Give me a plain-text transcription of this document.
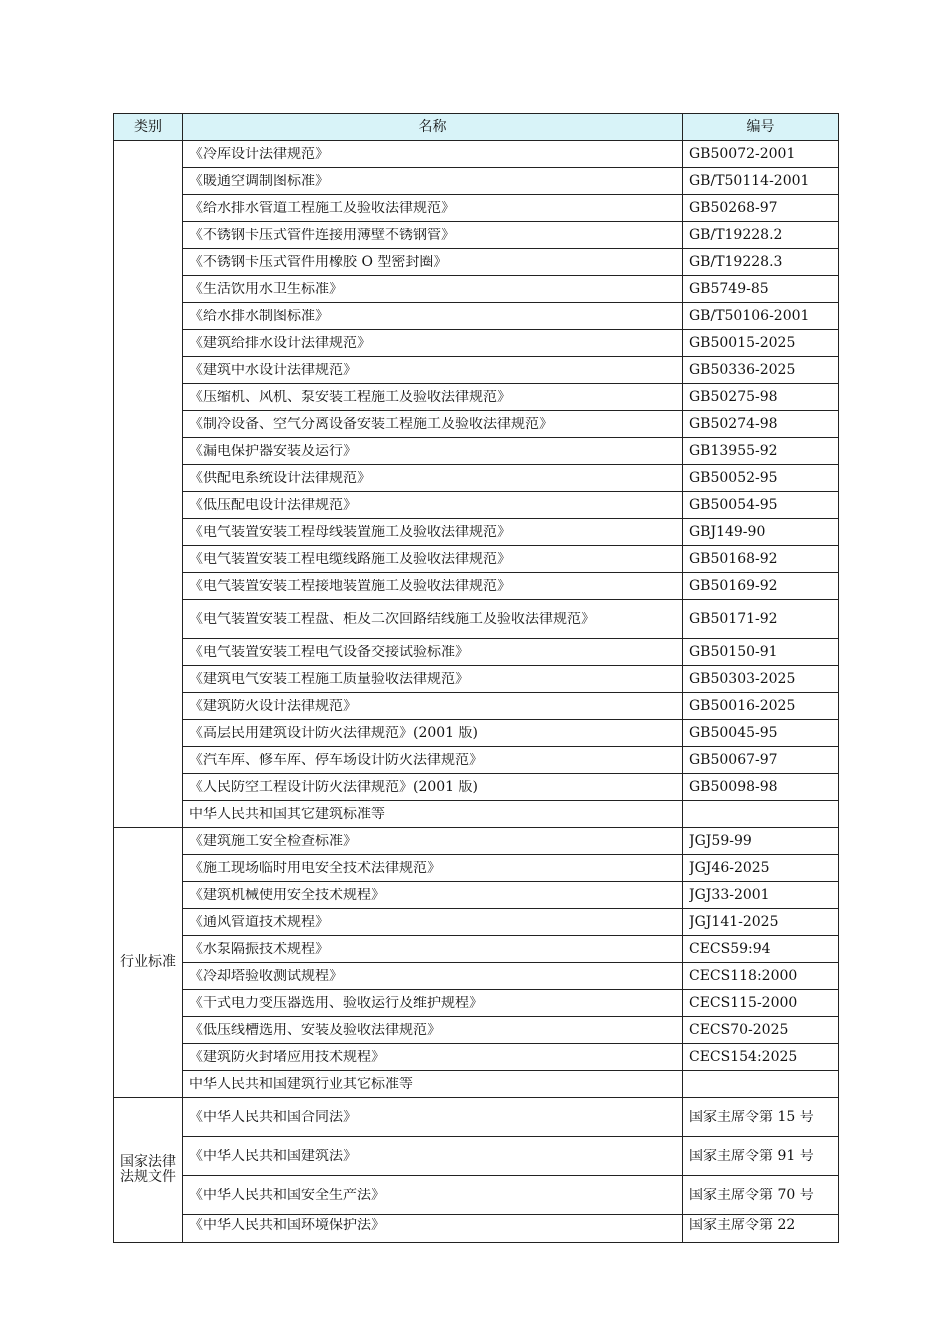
类别	名称	编号

	《冷库设计法律规范》	GB50072-2001

	《暖通空调制图标准》	GB/T50114-2001

	《给水排水管道工程施工及验收法律规范》	GB50268-97

	《不锈钢卡压式管件连接用薄壁不锈钢管》	GB/T19228.2

	《不锈钢卡压式管件用橡胶 O 型密封圈》	GB/T19228.3

	《生活饮用水卫生标准》	GB5749-85

	《给水排水制图标准》	GB/T50106-2001

	《建筑给排水设计法律规范》	GB50015-2025

	《建筑中水设计法律规范》	GB50336-2025

	《压缩机、风机、泵安装工程施工及验收法律规范》	GB50275-98

	《制冷设备、空气分离设备安装工程施工及验收法律规范》	GB50274-98

	《漏电保护器安装及运行》	GB13955-92

	《供配电系统设计法律规范》	GB50052-95

	《低压配电设计法律规范》	GB50054-95

	《电气装置安装工程母线装置施工及验收法律规范》	GBJ149-90

	《电气装置安装工程电缆线路施工及验收法律规范》	GB50168-92

	《电气装置安装工程接地装置施工及验收法律规范》	GB50169-92

	《电气装置安装工程盘、柜及二次回路结线施工及验收法律规范》	GB50171-92

	《电气装置安装工程电气设备交接试验标准》	GB50150-91

	《建筑电气安装工程施工质量验收法律规范》	GB50303-2025

	《建筑防火设计法律规范》	GB50016-2025

	《高层民用建筑设计防火法律规范》(2001 版)	GB50045-95

	《汽车库、修车库、停车场设计防火法律规范》	GB50067-97

	《人民防空工程设计防火法律规范》(2001 版)	GB50098-98

	中华人民共和国其它建筑标准等	

行业标准	《建筑施工安全检查标准》	JGJ59-99

	《施工现场临时用电安全技术法律规范》	JGJ46-2025

	《建筑机械使用安全技术规程》	JGJ33-2001

	《通风管道技术规程》	JGJ141-2025

	《水泵隔振技术规程》	CECS59:94

	《冷却塔验收测试规程》	CECS118:2000

	《干式电力变压器选用、验收运行及维护规程》	CECS115-2000

	《低压线槽选用、安装及验收法律规范》	CECS70-2025

	《建筑防火封堵应用技术规程》	CECS154:2025

	中华人民共和国建筑行业其它标准等	

国家法律法规文件	《中华人民共和国合同法》	国家主席令第 15 号

	《中华人民共和国建筑法》	国家主席令第 91 号

	《中华人民共和国安全生产法》	国家主席令第 70 号

	《中华人民共和国环境保护法》	国家主席令第 22
